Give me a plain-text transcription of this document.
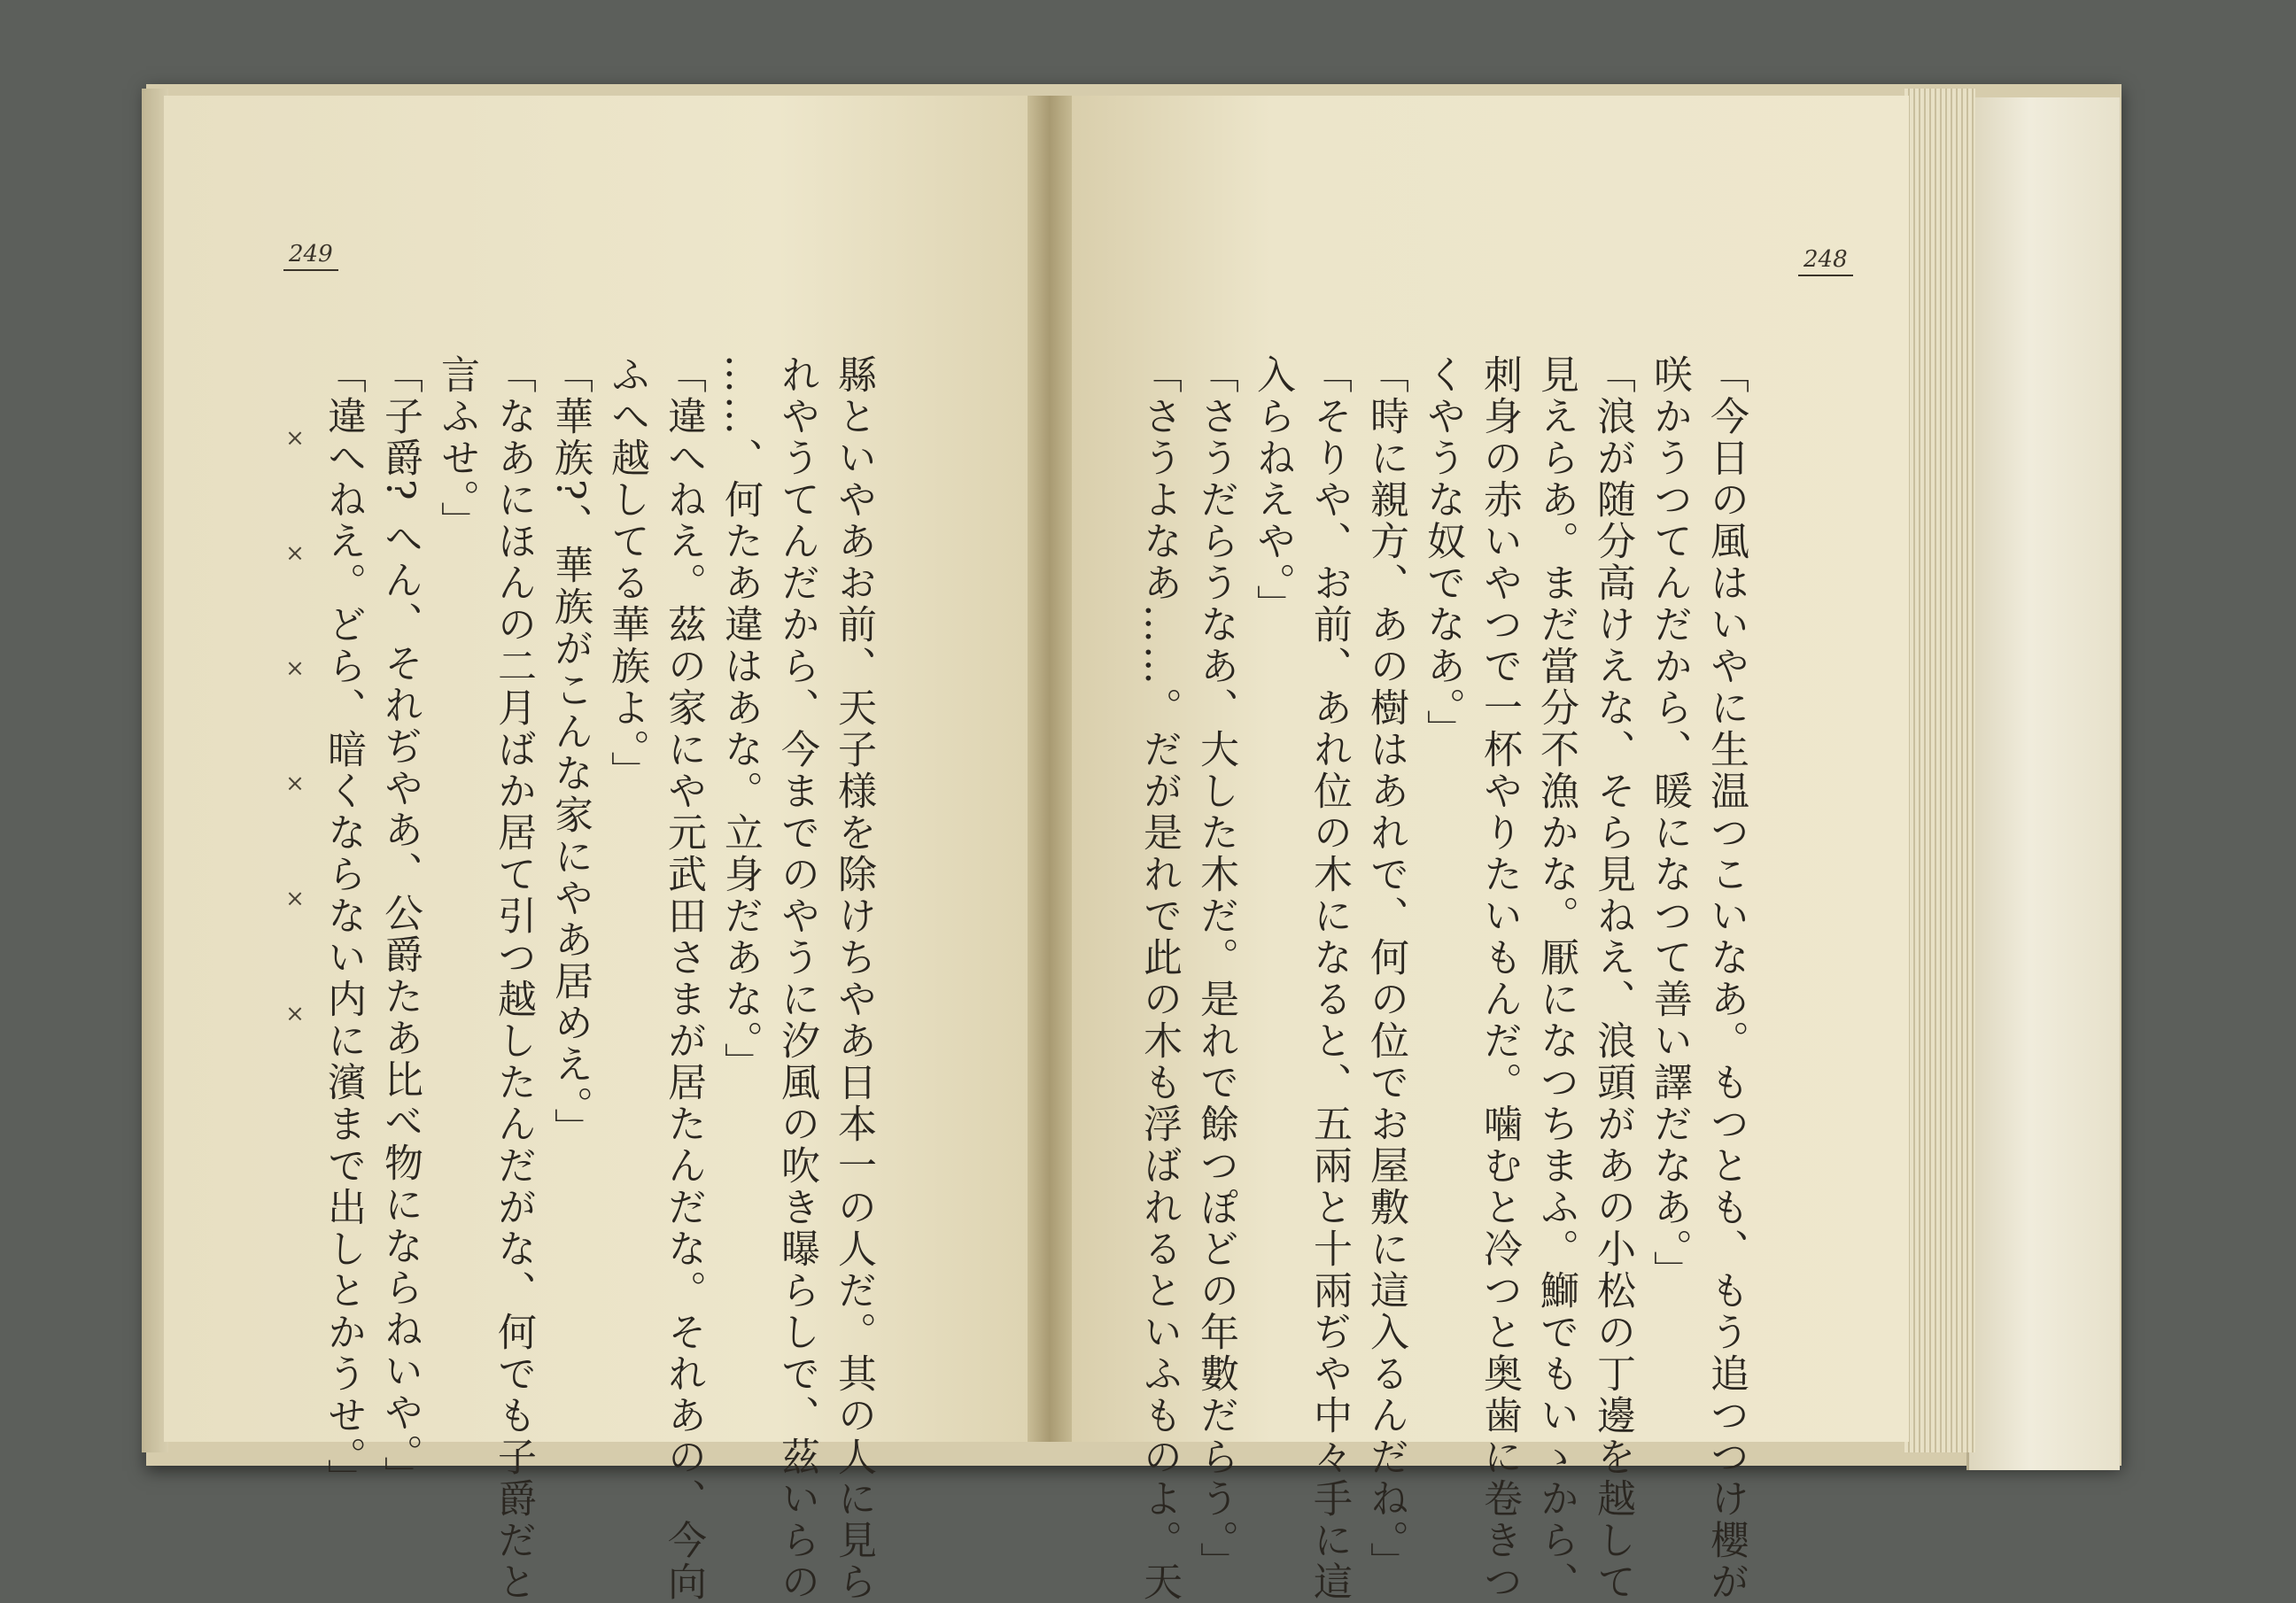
249	248
「今日の風はいやに生温つこいなあ。もつとも、もう追つつけ櫻が
咲かうつてんだから、暖になつて善い譯だなあ。」
「浪が随分高けえな、そら見ねえ、浪頭があの小松の丁邊を越して
見えらあ。まだ當分不漁かな。厭になつちまふ。鰤でもいゝから、
刺身の赤いやつで一杯やりたいもんだ。噛むと冷つと奥歯に卷きつ
くやうな奴でなあ。」
「時に親方、あの樹はあれで、何の位でお屋敷に這入るんだね。」
「そりや、お前、あれ位の木になると、五兩と十兩ぢや中々手に這
入らねえや。」
「さうだらうなあ、大した木だ。是れで餘つぽどの年數だらう。」
「さうよなあ……。だが是れで此の木も浮ばれるといふものよ。天
縣といやあお前、天子様を除けちやあ日本一の人だ。其の人に見ら
れやうてんだから、今までのやうに汐風の吹き曝らしで、茲いらの
……、何たあ違はあな。立身だあな。」
「違へねえ。茲の家にや元武田さまが居たんだな。それあの、今向
ふへ越してる華族よ。」
「華族?、華族がこんな家にやあ居めえ。」
「なあにほんの二月ばか居て引つ越したんだがな、何でも子爵だと
言ふせ。」
「子爵? へん、それぢやあ、公爵たあ比べ物にならねいや。」
「違へねえ。どら、暗くならない内に濱まで出しとかうせ。」
×
×
×
×
×
×
